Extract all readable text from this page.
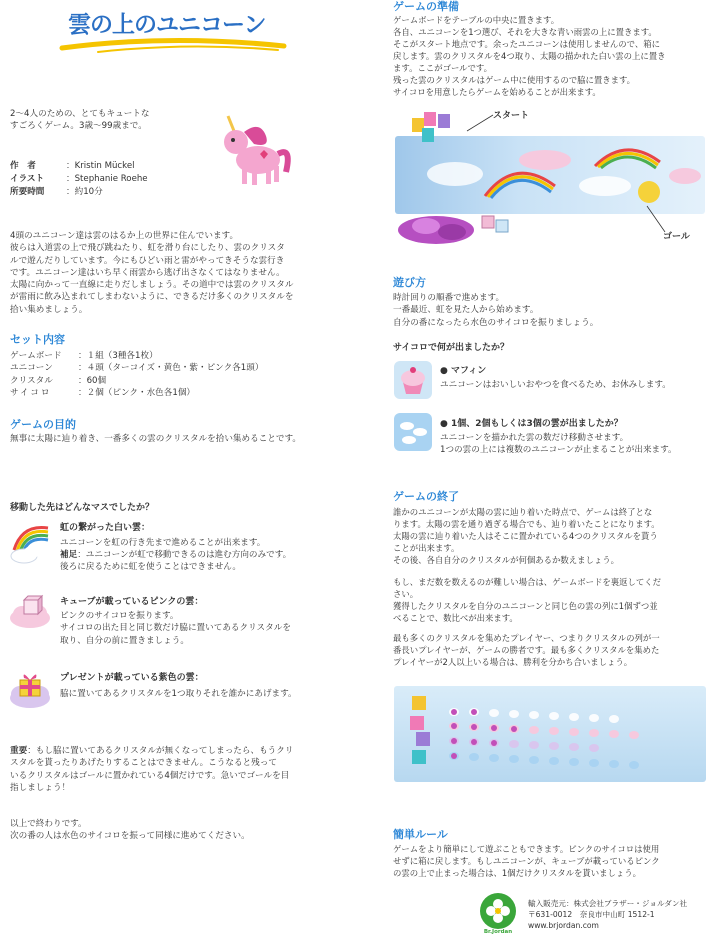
雲の上のユニコーン
2～4人のための、とてもキュートな
すごろくゲーム。3歳～99歳まで。
作　者	：Kristin Mückel
イラスト	：Stephanie Roehe
所要時間	：約10分
4頭のユニコーン達は雲のはるか上の世界に住んでいます。
彼らは入道雲の上で飛び跳ねたり、虹を滑り台にしたり、雲のクリスタ
ルで遊んだりしています。今にもひどい雨と雷がやってきそうな雲行き
です。ユニコーン達はいち早く雨雲から逃げ出さなくてはなりません。
太陽に向かって一直線に走りだしましょう。その道中では雲のクリスタル
が雷雨に飲み込まれてしまわないように、できるだけ多くのクリスタルを
拾い集めましょう。
セット内容
ゲームボード	：１組（3種各1枚）
ユニコーン	：４頭（ターコイズ・黄色・紫・ピンク各1頭）
クリスタル	：60個
サイコロ	：２個（ピンク・水色各1個）
ゲームの目的
無事に太陽に辿り着き、一番多くの雲のクリスタルを拾い集めることです。
移動した先はどんなマスでしたか？
虹の繋がった白い雲：
ユニコーンを虹の行き先まで進めることが出来ます。
補足：ユニコーンが虹で移動できるのは進む方向のみです。
後ろに戻るために虹を使うことはできません。
キューブが載っているピンクの雲：
ピンクのサイコロを振ります。
サイコロの出た目と同じ数だけ脇に置いてあるクリスタルを
取り、自分の前に置きましょう。
プレゼントが載っている紫色の雲：
脇に置いてあるクリスタルを1つ取りそれを誰かにあげます。
重要：もし脇に置いてあるクリスタルが無くなってしまったら、もうクリ
スタルを貰ったりあげたりすることはできません。こうなると残って
いるクリスタルはゴールに置かれている4個だけです。急いでゴールを目
指しましょう！
以上で終わりです。
次の番の人は水色のサイコロを振って同様に進めてください。
ゲームの準備
ゲームボードをテーブルの中央に置きます。
各自、ユニコーンを1つ選び、それを大きな青い雨雲の上に置きます。
そこがスタート地点です。余ったユニコーンは使用しませんので、箱に
戻します。雲のクリスタルを4つ取り、太陽の描かれた白い雲の上に置き
ます。ここがゴールです。
残った雲のクリスタルはゲーム中に使用するので脇に置きます。
サイコロを用意したらゲームを始めることが出来ます。
スタート
ゴール
遊び方
時計回りの順番で進めます。
一番最近、虹を見た人から始めます。
自分の番になったら水色のサイコロを振りましょう。
サイコロで何が出ましたか？
● マフィン
ユニコーンはおいしいおやつを食べるため、お休みします。
● 1個、2個もしくは3個の雲が出ましたか？
ユニコーンを描かれた雲の数だけ移動させます。
1つの雲の上には複数のユニコーンが止まることが出来ます。
ゲームの終了
誰かのユニコーンが太陽の雲に辿り着いた時点で、ゲームは終了とな
ります。太陽の雲を通り過ぎる場合でも、辿り着いたことになります。
太陽の雲に辿り着いた人はそこに置かれている4つのクリスタルを貰う
ことが出来ます。
その後、各自自分のクリスタルが何個あるか数えましょう。
もし、まだ数を数えるのが難しい場合は、ゲームボードを裏返してくだ
さい。
獲得したクリスタルを自分のユニコーンと同じ色の雲の列に1個ずつ並
べることで、数比べが出来ます。
最も多くのクリスタルを集めたプレイヤー、つまりクリスタルの列が一
番長いプレイヤーが、ゲームの勝者です。最も多くクリスタルを集めた
プレイヤーが2人以上いる場合は、勝利を分かち合いましょう。
簡単ルール
ゲームをより簡単にして遊ぶこともできます。ピンクのサイコロは使用
せずに箱に戻します。もしユニコーンが、キューブが載っているピンク
の雲の上で止まった場合は、1個だけクリスタルを貰いましょう。
Br.Jordan
輸入販売元：株式会社ブラザー・ジョルダン社
〒631-0012　奈良市中山町 1512-1
www.brjordan.com
